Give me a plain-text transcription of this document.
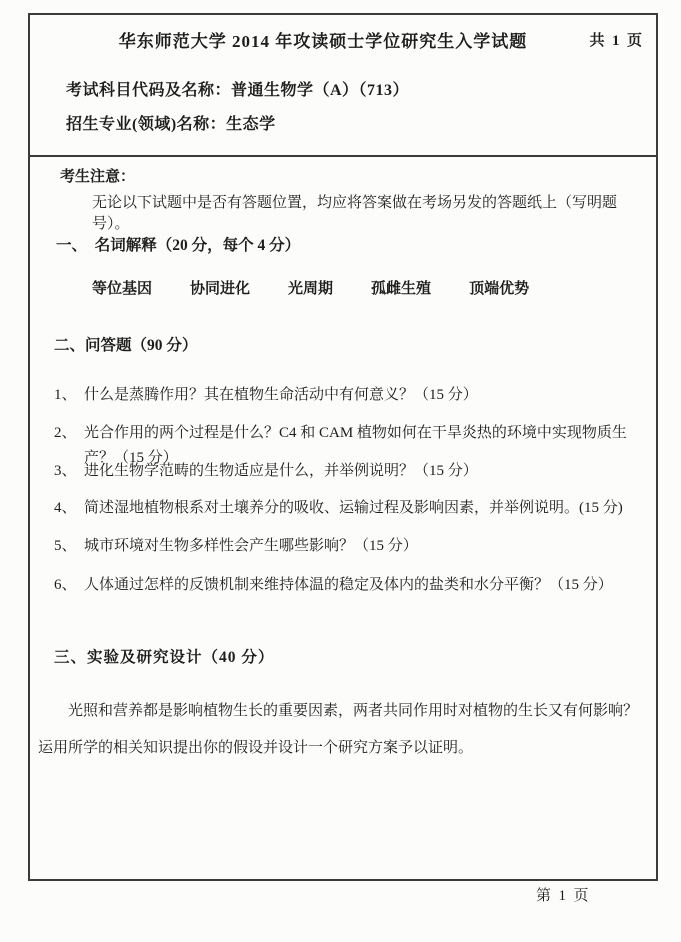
华东师范大学 2014 年攻读硕士学位研究生入学试题	共  1  页
考试科目代码及名称：普通生物学（A）（713）
招生专业(领域)名称：生态学
考生注意：
无论以下试题中是否有答题位置，均应将答案做在考场另发的答题纸上（写明题号）。
一、  名词解释（20 分，每个 4 分）
等位基因	协同进化	光周期	孤雌生殖	顶端优势
二、问答题（90 分）
1、 什么是蒸腾作用？其在植物生命活动中有何意义？（15 分）
2、 光合作用的两个过程是什么？C4 和 CAM 植物如何在干旱炎热的环境中实现物质生产？（15 分）
3、 进化生物学范畴的生物适应是什么，并举例说明？（15 分）
4、 简述湿地植物根系对土壤养分的吸收、运输过程及影响因素，并举例说明。(15 分)
5、 城市环境对生物多样性会产生哪些影响？（15 分）
6、 人体通过怎样的反馈机制来维持体温的稳定及体内的盐类和水分平衡？（15 分）
三、实验及研究设计（40 分）
光照和营养都是影响植物生长的重要因素，两者共同作用时对植物的生长又有何影响？运用所学的相关知识提出你的假设并设计一个研究方案予以证明。
第  1  页
